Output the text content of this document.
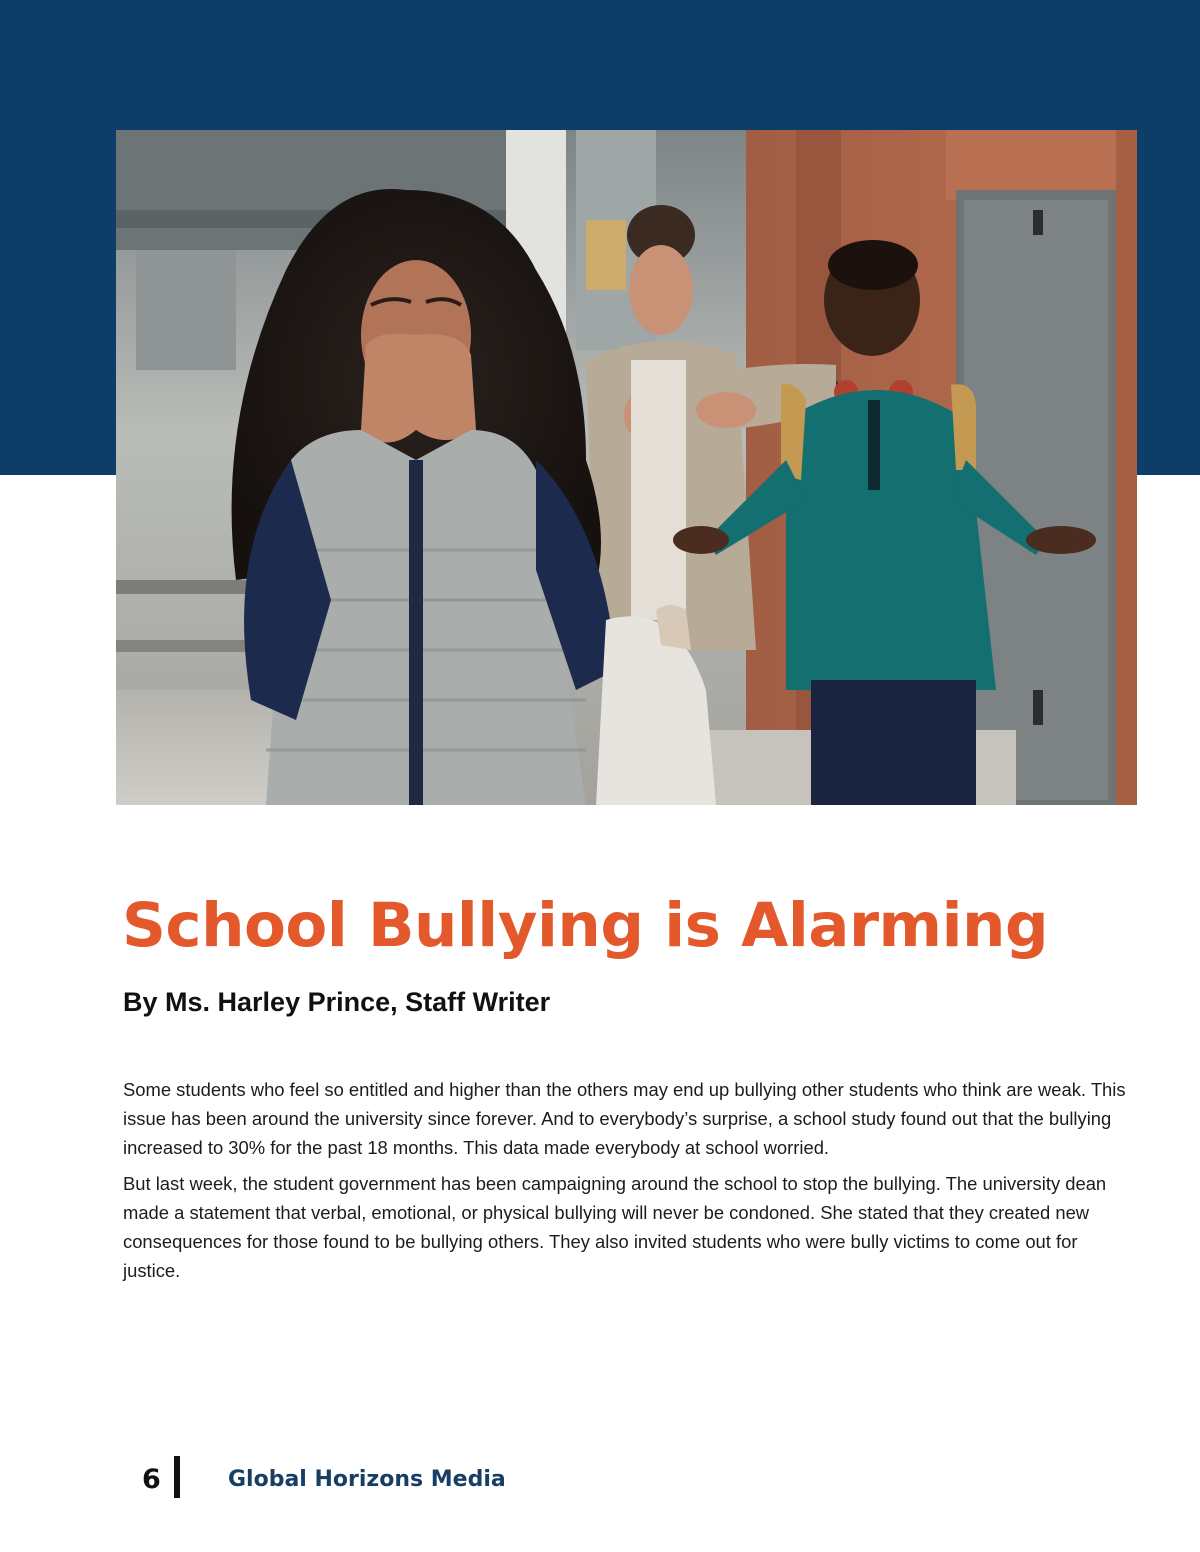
School Bullying is Alarming
By Ms. Harley Prince, Staff Writer

Some students who feel so entitled and higher than the others may end up bullying other students who think are weak. This issue has been around the university since forever. And to everybody’s surprise, a school study found out that the bullying increased to 30% for the past 18 months. This data made everybody at school worried.

But last week, the student government has been campaigning around the school to stop the bullying. The university dean made a statement that verbal, emotional, or physical bullying will never be condoned. She stated that they created new consequences for those found to be bullying others. They also invited students who were bully victims to come out for justice.

6	Global Horizons Media
